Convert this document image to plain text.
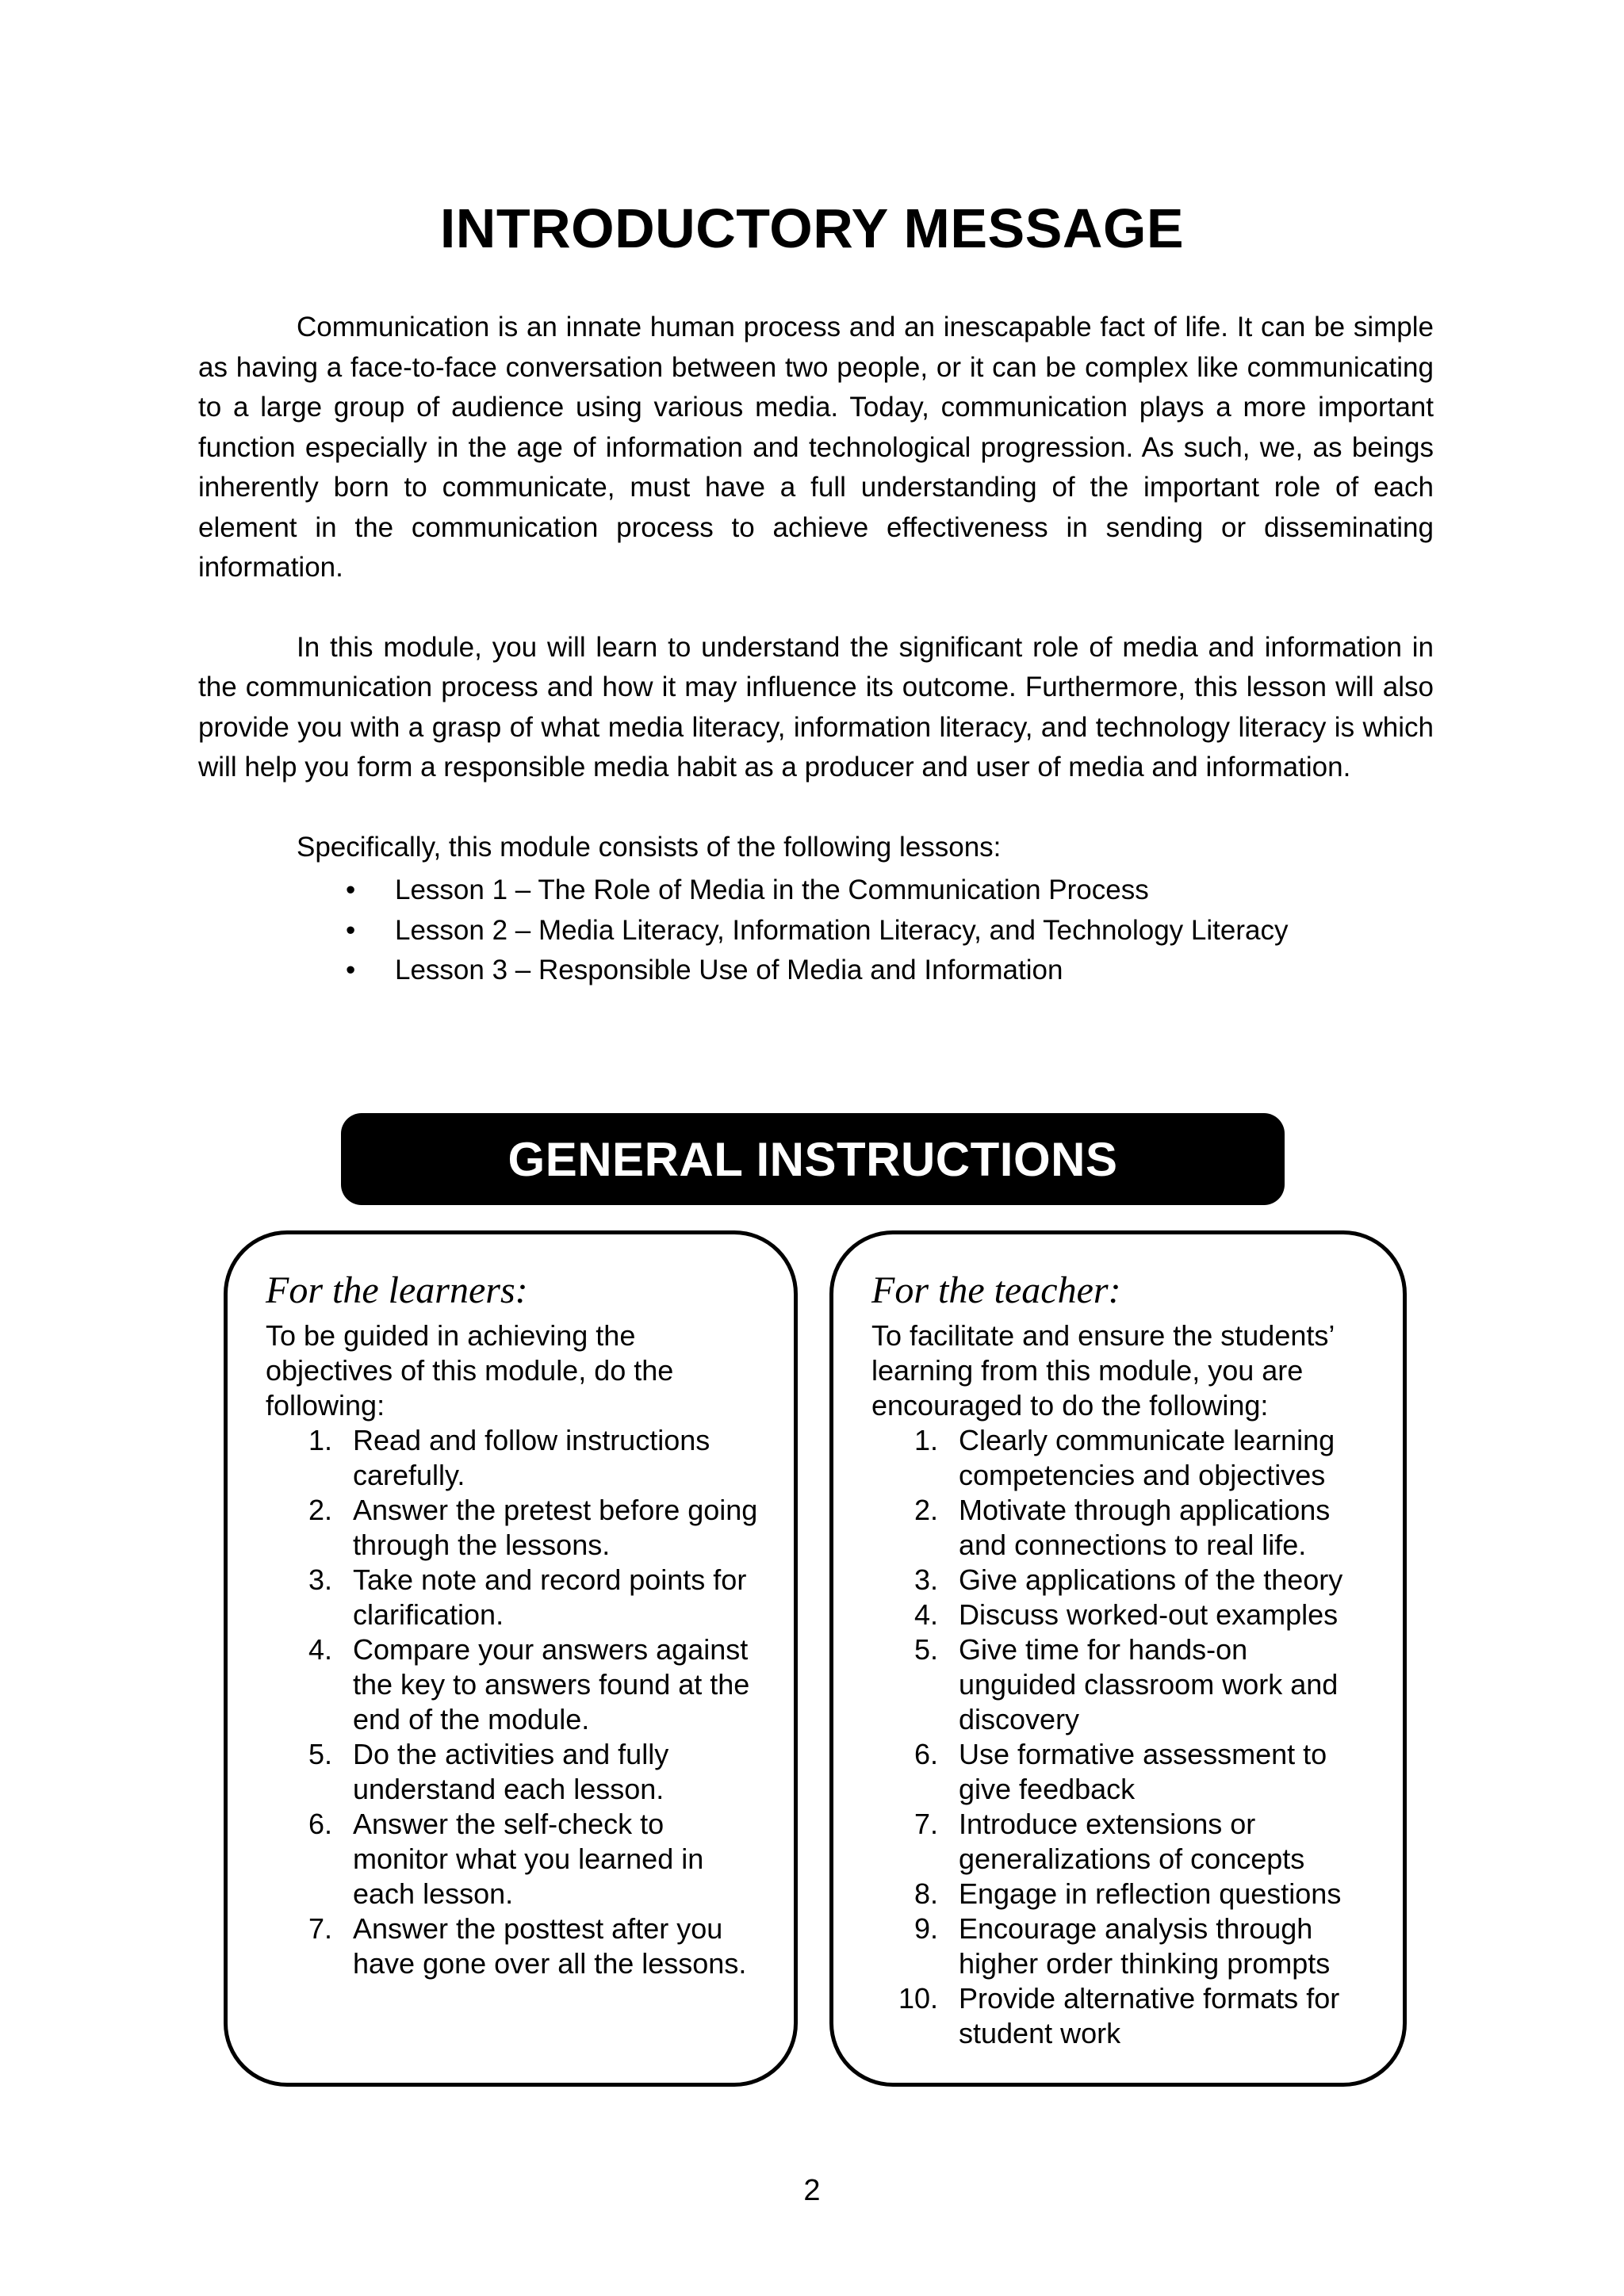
INTRODUCTORY MESSAGE

Communication is an innate human process and an inescapable fact of life. It can be simple as having a face-to-face conversation between two people, or it can be complex like communicating to a large group of audience using various media. Today, communication plays a more important function especially in the age of information and technological progression. As such, we, as beings inherently born to communicate, must have a full understanding of the important role of each element in the communication process to achieve effectiveness in sending or disseminating information.

In this module, you will learn to understand the significant role of media and information in the communication process and how it may influence its outcome. Furthermore, this lesson will also provide you with a grasp of what media literacy, information literacy, and technology literacy is which will help you form a responsible media habit as a producer and user of media and information.

Specifically, this module consists of the following lessons:

• Lesson 1 – The Role of Media in the Communication Process
• Lesson 2 – Media Literacy, Information Literacy, and Technology Literacy
• Lesson 3 – Responsible Use of Media and Information
GENERAL INSTRUCTIONS
For the learners:

To be guided in achieving the objectives of this module, do the following:

1. Read and follow instructions carefully.
2. Answer the pretest before going through the lessons.
3. Take note and record points for clarification.
4. Compare your answers against the key to answers found at the end of the module.
5. Do the activities and fully understand each lesson.
6. Answer the self-check to monitor what you learned in each lesson.
7. Answer the posttest after you have gone over all the lessons.
For the teacher:

To facilitate and ensure the students’ learning from this module, you are encouraged to do the following:

1. Clearly communicate learning competencies and objectives
2. Motivate through applications and connections to real life.
3. Give applications of the theory
4. Discuss worked-out examples
5. Give time for hands-on unguided classroom work and discovery
6. Use formative assessment to give feedback
7. Introduce extensions or generalizations of concepts
8. Engage in reflection questions
9. Encourage analysis through higher order thinking prompts
10. Provide alternative formats for student work
2
